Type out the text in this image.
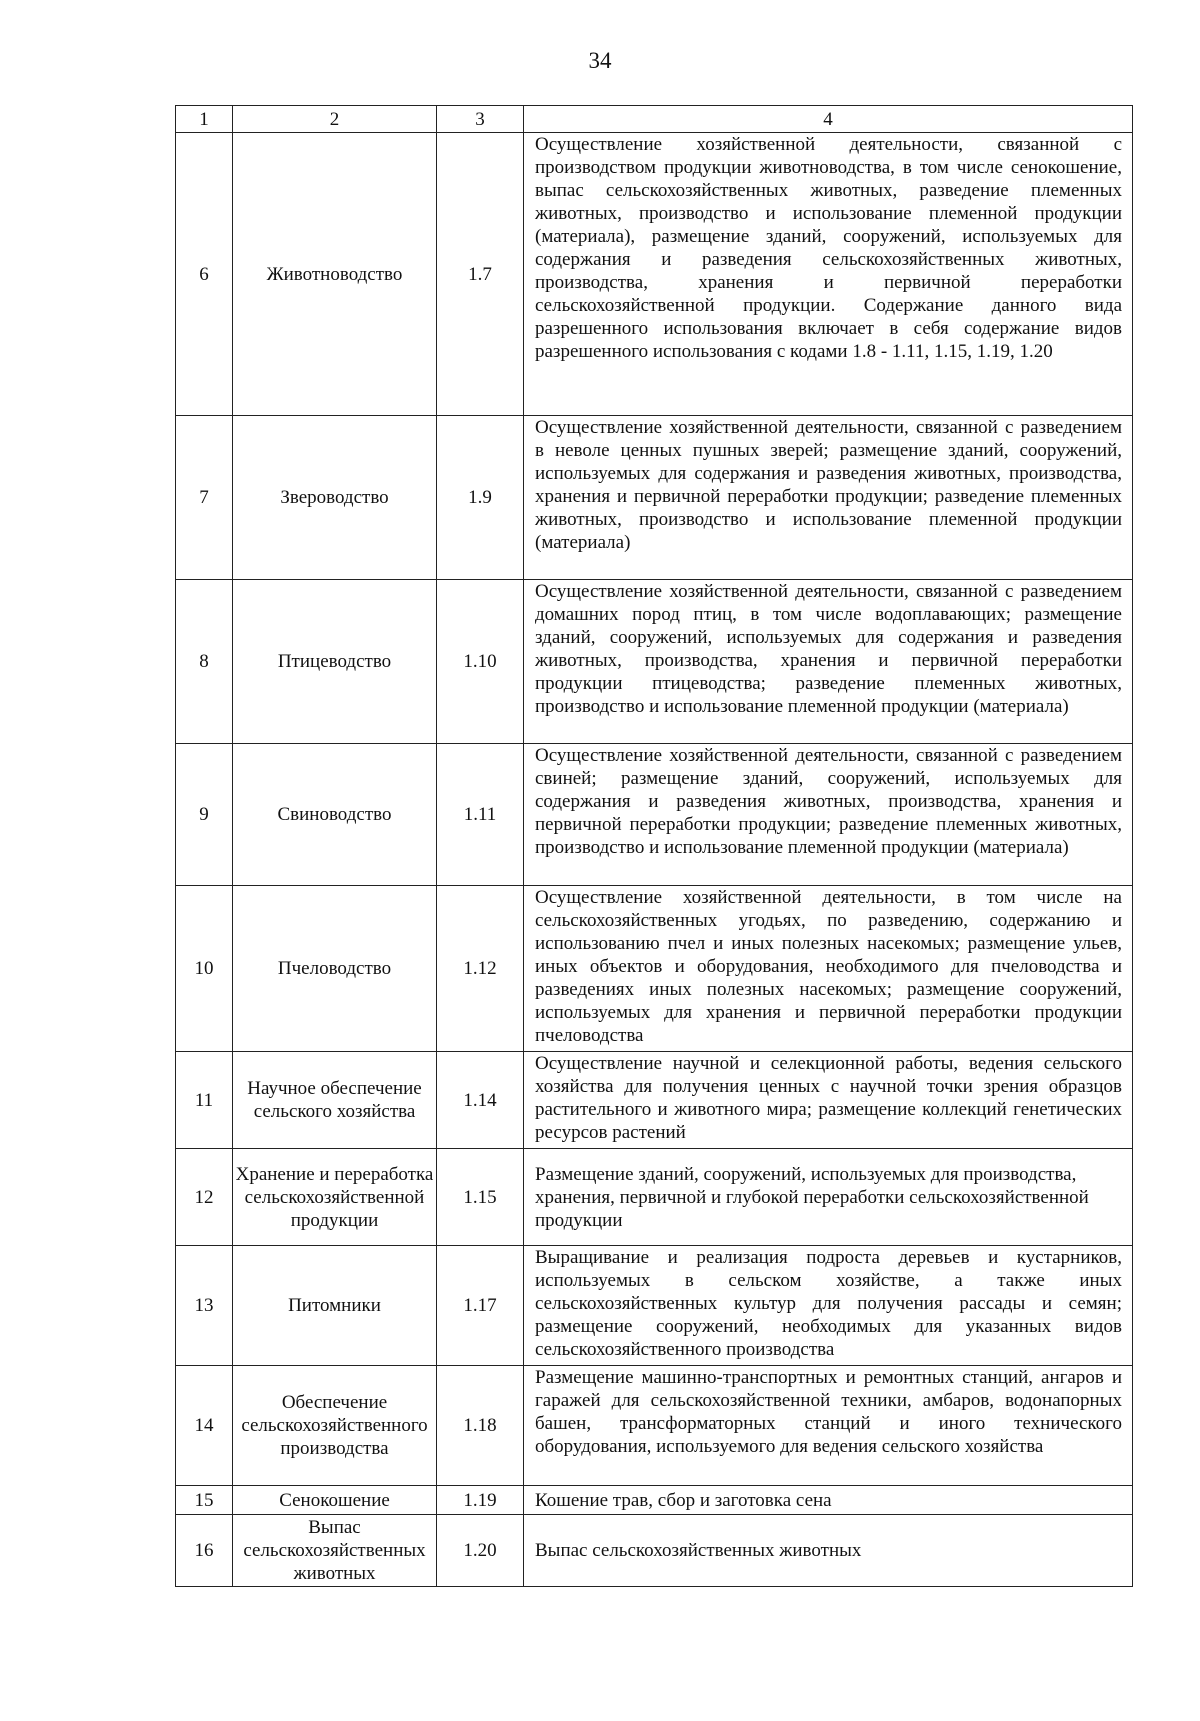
34
1	2	3	4
6	Животноводство	1.7	Осуществление хозяйственной деятельности, связанной с производством продукции животноводства, в том числе сенокошение, выпас сельскохозяйственных животных, разведение племенных животных, производство и использование племенной продукции (материала), размещение зданий, сооружений, используемых для содержания и разведения сельскохозяйственных животных, производства, хранения и первичной переработки сельскохозяйственной продукции. Содержание данного вида разрешенного использования включает в себя содержание видов разрешенного использования с кодами 1.8 - 1.11, 1.15, 1.19, 1.20
7	Звероводство	1.9	Осуществление хозяйственной деятельности, связанной с разведением в неволе ценных пушных зверей; размещение зданий, сооружений, используемых для содержания и разведения животных, производства, хранения и первичной переработки продукции; разведение племенных животных, производство и использование племенной продукции (материала)
8	Птицеводство	1.10	Осуществление хозяйственной деятельности, связанной с разведением домашних пород птиц, в том числе водоплавающих; размещение зданий, сооружений, используемых для содержания и разведения животных, производства, хранения и первичной переработки продукции птицеводства; разведение племенных животных, производство и использование племенной продукции (материала)
9	Свиноводство	1.11	Осуществление хозяйственной деятельности, связанной с разведением свиней; размещение зданий, сооружений, используемых для содержания и разведения животных, производства, хранения и первичной переработки продукции; разведение племенных животных, производство и использование племенной продукции (материала)
10	Пчеловодство	1.12	Осуществление хозяйственной деятельности, в том числе на сельскохозяйственных угодьях, по разведению, содержанию и использованию пчел и иных полезных насекомых; размещение ульев, иных объектов и оборудования, необходимого для пчеловодства и разведениях иных полезных насекомых; размещение сооружений, используемых для хранения и первичной переработки продукции пчеловодства
11	Научное обеспечение сельского хозяйства	1.14	Осуществление научной и селекционной работы, ведения сельского хозяйства для получения ценных с научной точки зрения образцов растительного и животного мира; размещение коллекций генетических ресурсов растений
12	Хранение и переработка сельскохозяйственной продукции	1.15	Размещение зданий, сооружений, используемых для производства, хранения, первичной и глубокой переработки сельскохозяйственной продукции
13	Питомники	1.17	Выращивание и реализация подроста деревьев и кустарников, используемых в сельском хозяйстве, а также иных сельскохозяйственных культур для получения рассады и семян; размещение сооружений, необходимых для указанных видов сельскохозяйственного производства
14	Обеспечение сельскохозяйственного производства	1.18	Размещение машинно-транспортных и ремонтных станций, ангаров и гаражей для сельскохозяйственной техники, амбаров, водонапорных башен, трансформаторных станций и иного технического оборудования, используемого для ведения сельского хозяйства
15	Сенокошение	1.19	Кошение трав, сбор и заготовка сена
16	Выпас сельскохозяйственных животных	1.20	Выпас сельскохозяйственных животных
